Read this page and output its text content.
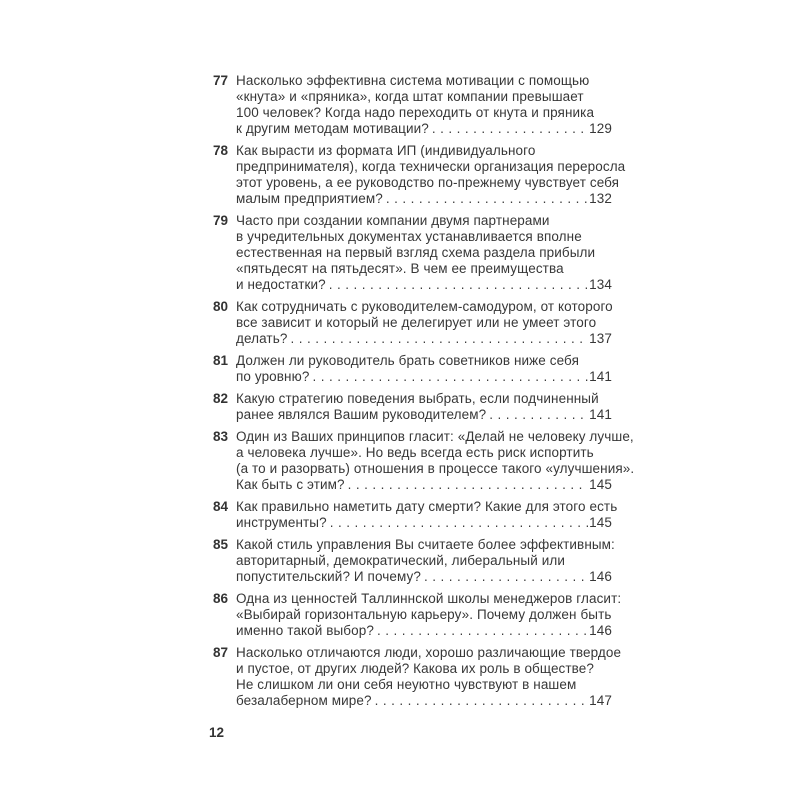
77 Насколько эффективна система мотивации с помощью
«кнута» и «пряника», когда штат компании превышает
100 человек? Когда надо переходить от кнута и пряника
к другим методам мотивации? .....	129
78 Как вырасти из формата ИП (индивидуального
предпринимателя), когда технически организация переросла
этот уровень, а ее руководство по-прежнему чувствует себя
малым предприятием? .....	132
79 Часто при создании компании двумя партнерами
в учредительных документах устанавливается вполне
естественная на первый взгляд схема раздела прибыли
«пятьдесят на пятьдесят». В чем ее преимущества
и недостатки? .....	134
80 Как сотрудничать с руководителем-самодуром, от которого
все зависит и который не делегирует или не умеет этого
делать? .....	137
81 Должен ли руководитель брать советников ниже себя
по уровню? .....	141
82 Какую стратегию поведения выбрать, если подчиненный
ранее являлся Вашим руководителем? .....	141
83 Один из Ваших принципов гласит: «Делай не человеку лучше,
а человека лучше». Но ведь всегда есть риск испортить
(а то и разорвать) отношения в процессе такого «улучшения».
Как быть с этим? .....	145
84 Как правильно наметить дату смерти? Какие для этого есть
инструменты? .....	145
85 Какой стиль управления Вы считаете более эффективным:
авторитарный, демократический, либеральный или
попустительский? И почему? .....	146
86 Одна из ценностей Таллиннской школы менеджеров гласит:
«Выбирай горизонтальную карьеру». Почему должен быть
именно такой выбор? .....	146
87 Насколько отличаются люди, хорошо различающие твердое
и пустое, от других людей? Какова их роль в обществе?
Не слишком ли они себя неуютно чувствуют в нашем
безалаберном мире? .....	147
12
